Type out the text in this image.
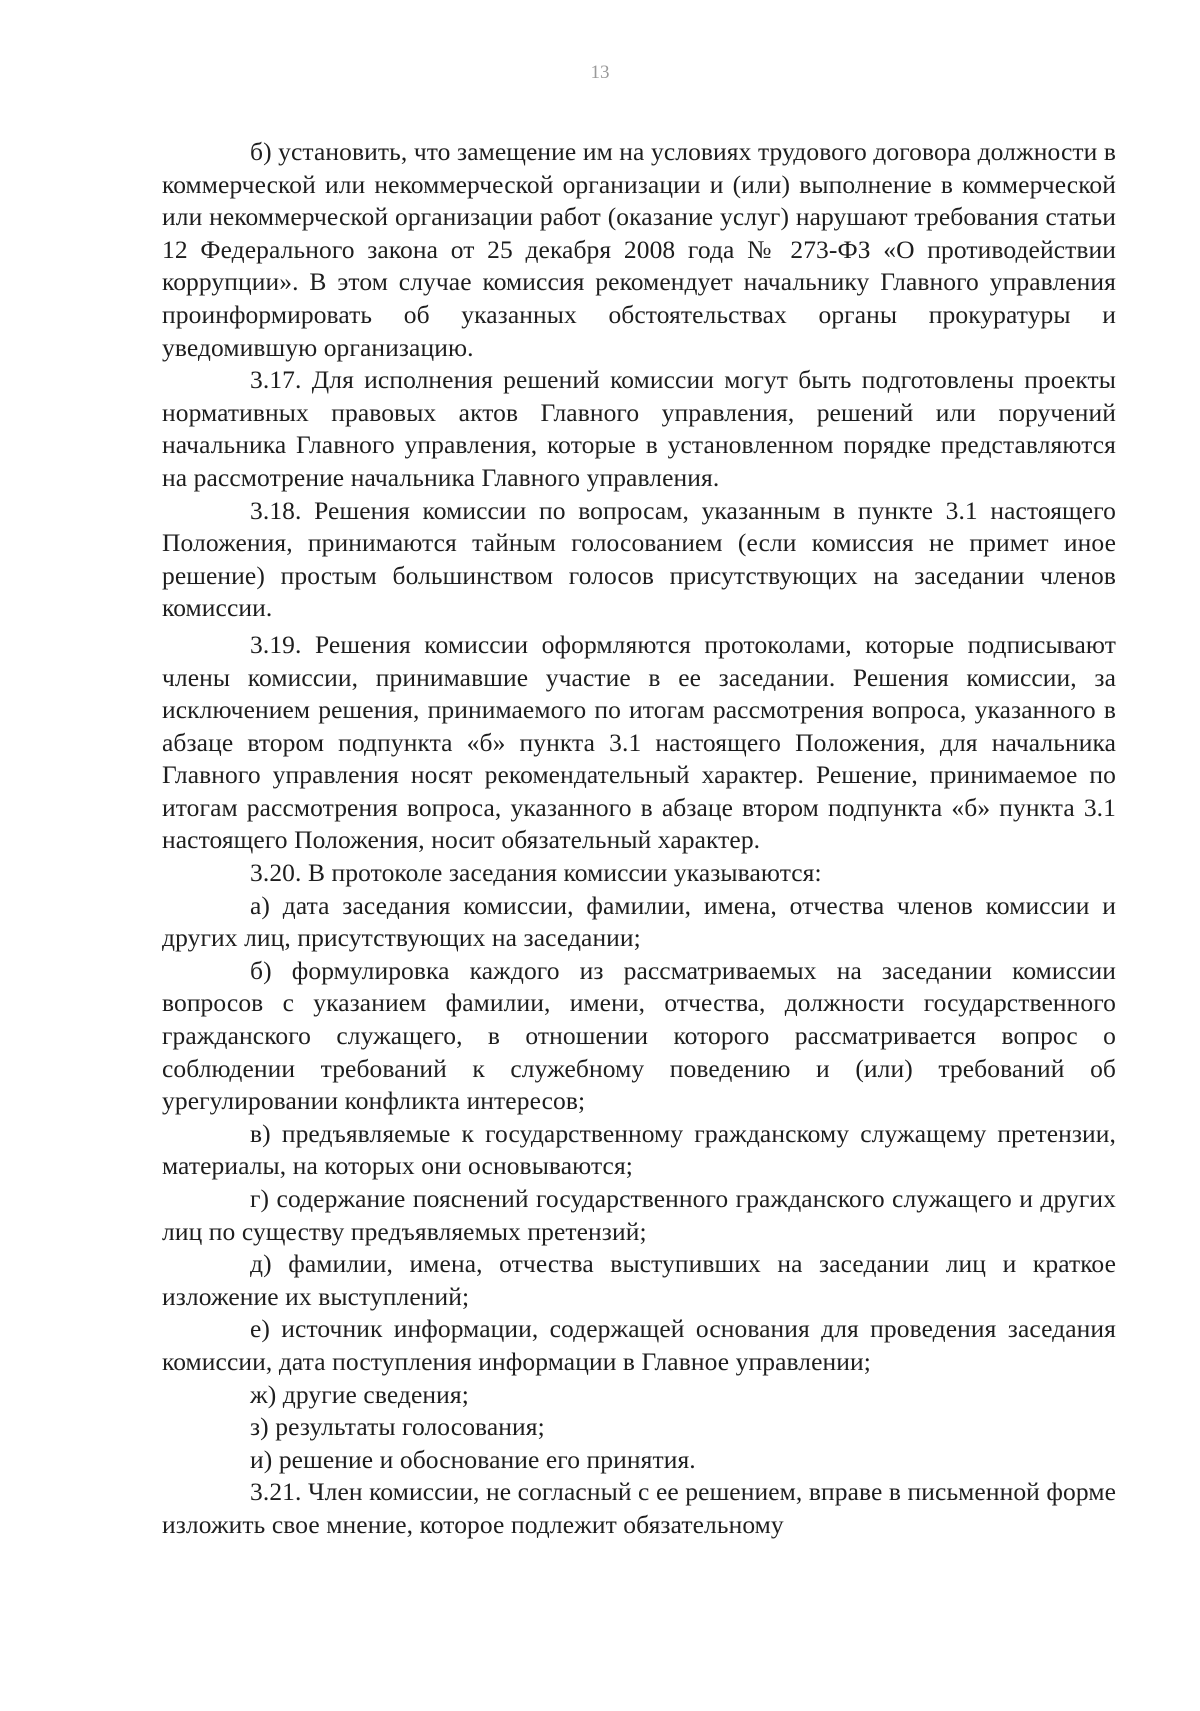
13

б) установить, что замещение им на условиях трудового договора должности в коммерческой или некоммерческой организации и (или) выполнение в коммерческой или некоммерческой организации работ (оказание услуг) нарушают требования статьи 12 Федерального закона от 25 декабря 2008 года № 273-ФЗ «О противодействии коррупции». В этом случае комиссия рекомендует начальнику Главного управления проинформировать об указанных обстоятельствах органы прокуратуры и уведомившую организацию.

3.17. Для исполнения решений комиссии могут быть подготовлены проекты нормативных правовых актов Главного управления, решений или поручений начальника Главного управления, которые в установленном порядке представляются на рассмотрение начальника Главного управления.

3.18. Решения комиссии по вопросам, указанным в пункте 3.1 настоящего Положения, принимаются тайным голосованием (если комиссия не примет иное решение) простым большинством голосов присутствующих на заседании членов комиссии.

3.19. Решения комиссии оформляются протоколами, которые подписывают члены комиссии, принимавшие участие в ее заседании. Решения комиссии, за исключением решения, принимаемого по итогам рассмотрения вопроса, указанного в абзаце втором подпункта «б» пункта 3.1 настоящего Положения, для начальника Главного управления носят рекомендательный характер. Решение, принимаемое по итогам рассмотрения вопроса, указанного в абзаце втором подпункта «б» пункта 3.1 настоящего Положения, носит обязательный характер.

3.20. В протоколе заседания комиссии указываются:

а) дата заседания комиссии, фамилии, имена, отчества членов комиссии и других лиц, присутствующих на заседании;

б) формулировка каждого из рассматриваемых на заседании комиссии вопросов с указанием фамилии, имени, отчества, должности государственного гражданского служащего, в отношении которого рассматривается вопрос о соблюдении требований к служебному поведению и (или) требований об урегулировании конфликта интересов;

в) предъявляемые к государственному гражданскому служащему претензии, материалы, на которых они основываются;

г) содержание пояснений государственного гражданского служащего и других лиц по существу предъявляемых претензий;

д) фамилии, имена, отчества выступивших на заседании лиц и краткое изложение их выступлений;

е) источник информации, содержащей основания для проведения заседания комиссии, дата поступления информации в Главное управлении;

ж) другие сведения;

з) результаты голосования;

и) решение и обоснование его принятия.

3.21. Член комиссии, не согласный с ее решением, вправе в письменной форме изложить свое мнение, которое подлежит обязательному
